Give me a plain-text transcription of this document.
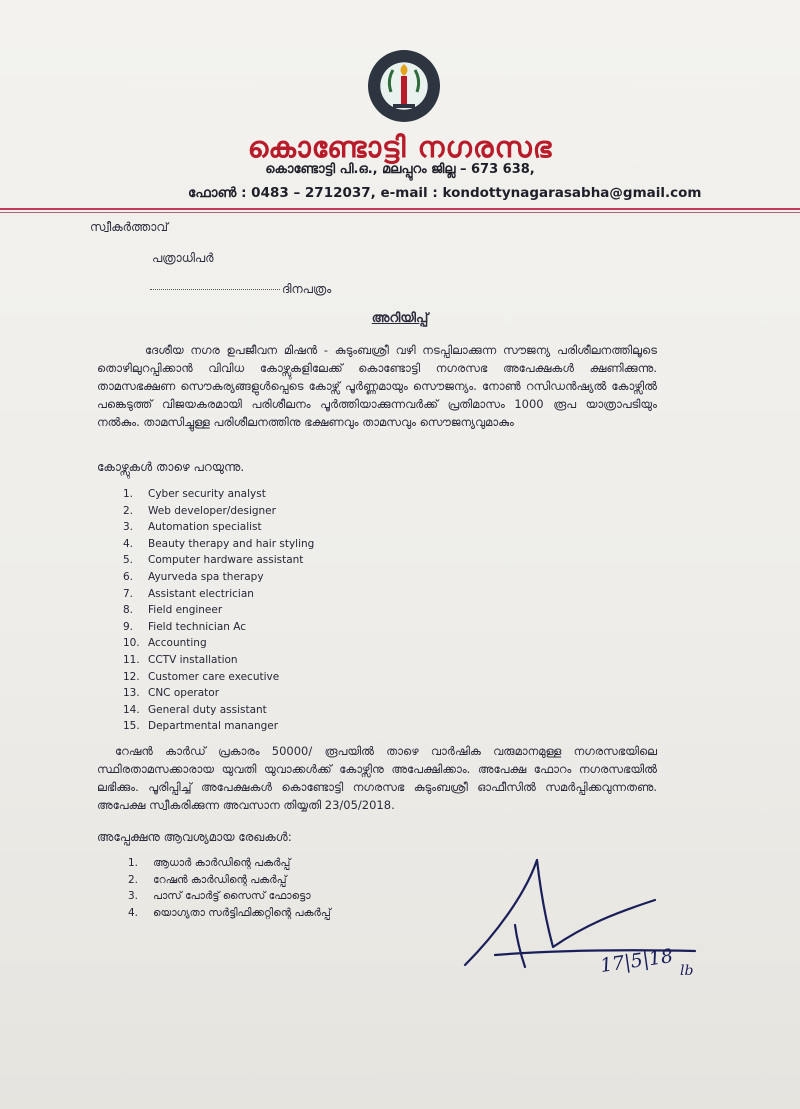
കൊണ്ടോട്ടി നഗരസഭ
കൊണ്ടോട്ടി പി.ഒ., മലപ്പുറം ജില്ല – 673 638,
ഫോൺ : 0483 – 2712037, e-mail : kondottynagarasabha@gmail.com
സ്വീകർത്താവ്
പത്രാധിപർ
ദിനപത്രം
അറിയിപ്പ്
ദേശീയ നഗര ഉപജീവന മിഷൻ - കുടുംബശ്രീ വഴി നടപ്പിലാക്കുന്ന സൗജന്യ പരിശീലനത്തിലൂടെ തൊഴിലുറപ്പിക്കാൻ വിവിധ കോഴ്സുകളിലേക്ക് കൊണ്ടോട്ടി നഗരസഭ അപേക്ഷകൾ ക്ഷണിക്കുന്നു. താമസഭക്ഷണ സൌകര്യങ്ങളുൾപ്പെടെ കോഴ്സ് പൂർണ്ണമായും സൌജന്യം. നോൺ റസിഡൻഷ്യൽ കോഴ്സിൽ പങ്കെടുത്ത് വിജയകരമായി പരിശീലനം പൂർത്തിയാക്കുന്നവർക്ക് പ്രതിമാസം 1000 രൂപ യാത്രാപടിയും നൽകും. താമസിച്ചുള്ള പരിശീലനത്തിനു ഭക്ഷണവും താമസവും സൌജന്യവുമാകും
കോഴ്സുകൾ താഴെ പറയുന്നു.
1. Cyber security analyst
2. Web developer/designer
3. Automation specialist
4. Beauty therapy and hair styling
5. Computer hardware assistant
6. Ayurveda spa therapy
7. Assistant electrician
8. Field engineer
9. Field technician Ac
10. Accounting
11. CCTV installation
12. Customer care executive
13. CNC operator
14. General duty assistant
15. Departmental mananger
റേഷൻ കാർഡ് പ്രകാരം 50000/ രൂപയിൽ താഴെ വാർഷിക വരുമാനമുള്ള നഗരസഭയിലെ സ്ഥിരതാമസക്കാരായ യുവതി യുവാക്കൾക്ക് കോഴ്സിനു അപേക്ഷിക്കാം. അപേക്ഷ ഫോറം നഗരസഭയിൽ ലഭിക്കും. പൂരിപ്പിച്ച് അപേക്ഷകൾ കൊണ്ടോട്ടി നഗരസഭ കുടുംബശ്രീ ഓഫീസിൽ സമർപ്പിക്കവുന്നതണു. അപേക്ഷ സ്വീകരിക്കുന്ന അവസാന തിയ്യതി 23/05/2018.
അപ്പേക്ഷനു ആവശ്യമായ രേഖകൾ:
1. ആധാർ കാർഡിന്റെ പകർപ്പ്
2. റേഷൻ കാർഡിന്റെ പകർപ്പ്
3. പാസ് പോർട്ട് സൈസ് ഫോട്ടൊ
4. യൊഗ്യതാ സർട്ടിഫിക്കറ്റിന്റെ പകർപ്പ്
17|5|18 lb
